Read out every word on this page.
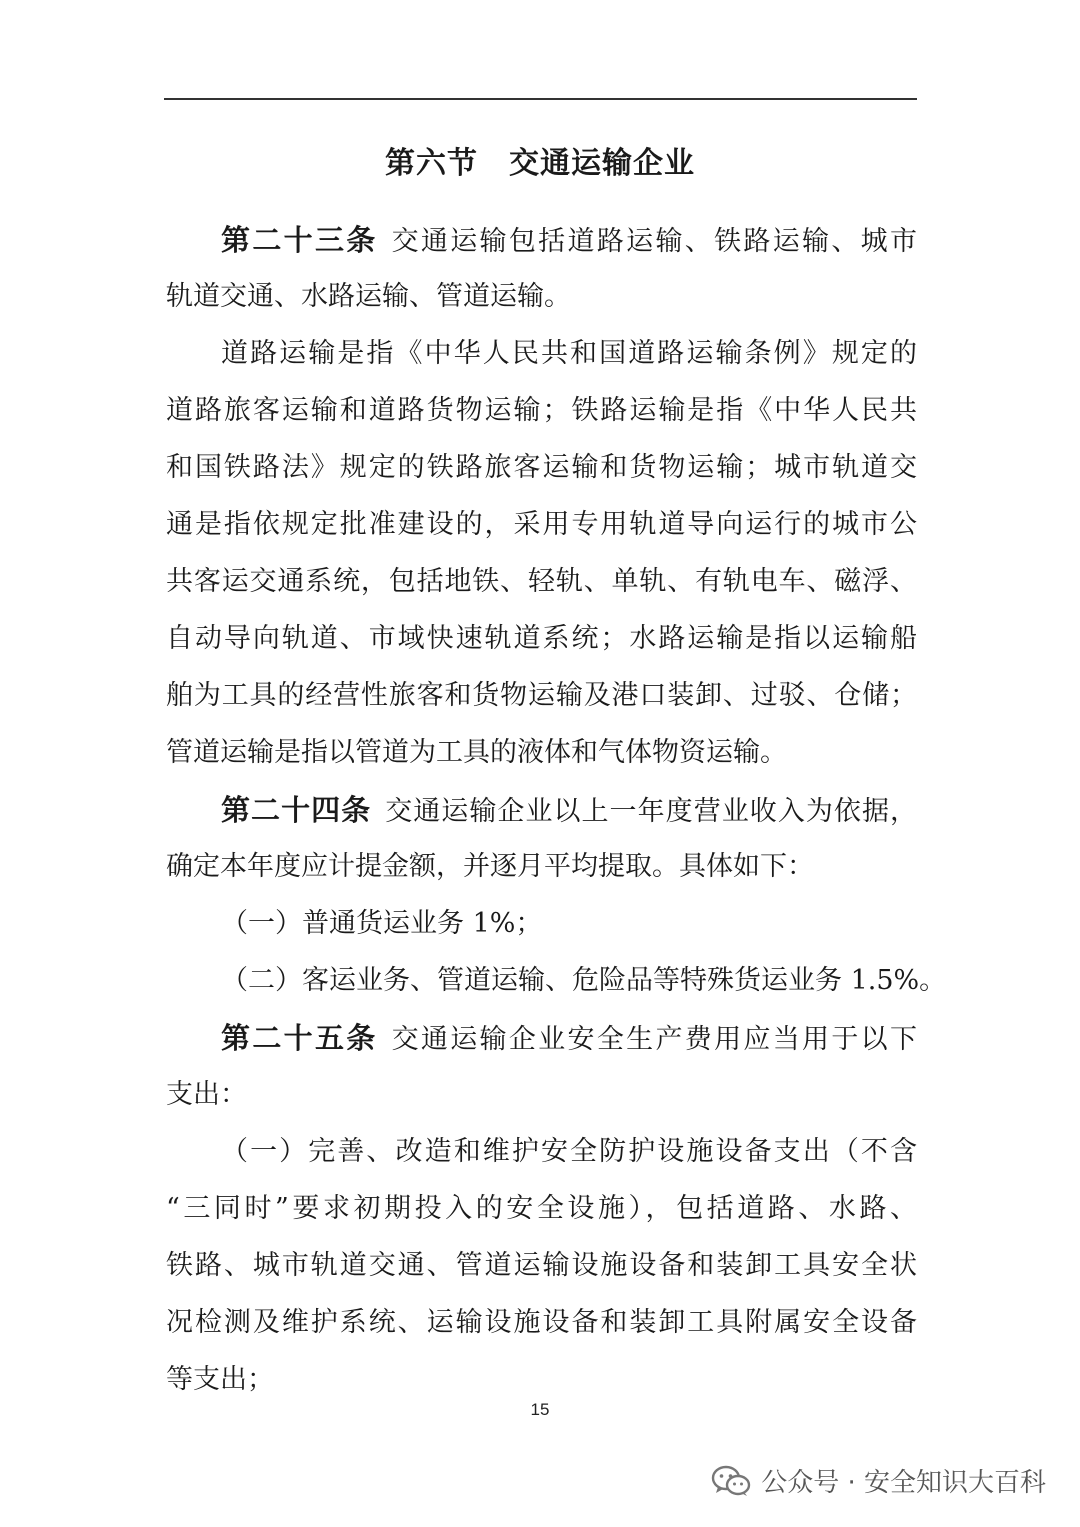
第六节　交通运输企业
第二十三条 交通运输包括道路运输、铁路运输、城市
轨道交通、水路运输、管道运输。
道路运输是指《中华人民共和国道路运输条例》规定的
道路旅客运输和道路货物运输；铁路运输是指《中华人民共
和国铁路法》规定的铁路旅客运输和货物运输；城市轨道交
通是指依规定批准建设的，采用专用轨道导向运行的城市公
共客运交通系统，包括地铁、轻轨、单轨、有轨电车、磁浮、
自动导向轨道、市域快速轨道系统；水路运输是指以运输船
舶为工具的经营性旅客和货物运输及港口装卸、过驳、仓储；
管道运输是指以管道为工具的液体和气体物资运输。
第二十四条 交通运输企业以上一年度营业收入为依据，
确定本年度应计提金额，并逐月平均提取。具体如下：
（一）普通货运业务 1%；
（二）客运业务、管道运输、危险品等特殊货运业务 1.5%。
第二十五条 交通运输企业安全生产费用应当用于以下
支出：
（一）完善、改造和维护安全防护设施设备支出（不含
“三同时”要求初期投入的安全设施），包括道路、水路、
铁路、城市轨道交通、管道运输设施设备和装卸工具安全状
况检测及维护系统、运输设施设备和装卸工具附属安全设备
等支出；
15
公众号 · 安全知识大百科
